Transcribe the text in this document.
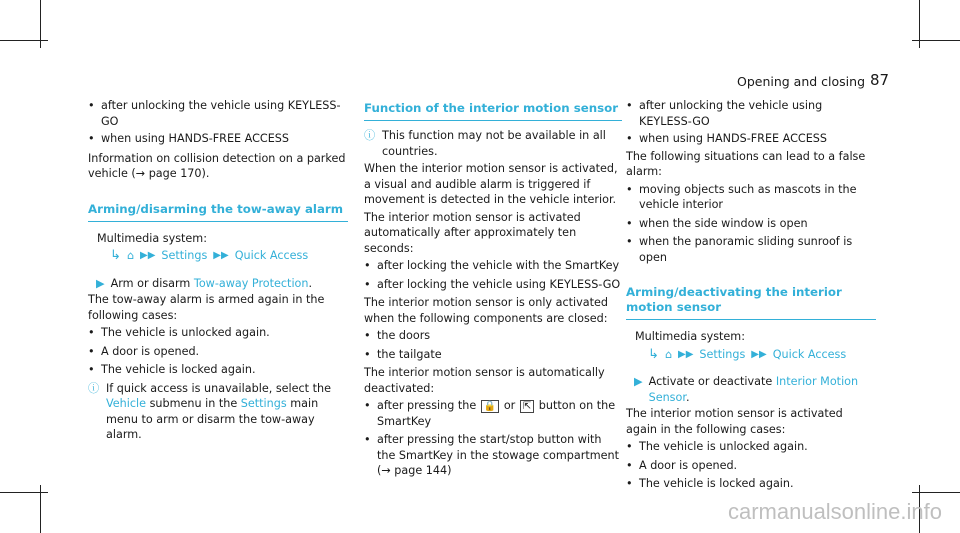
Opening and closing 87

• after unlocking the vehicle using KEYLESS-GO

• when using HANDS-FREE ACCESS

Information on collision detection on a parked vehicle (→ page 170).

Arming/disarming the tow-away alarm

Multimedia system:

↳ ⌂ ▶▶ Settings ▶▶ Quick Access

▶ Arm or disarm Tow-away Protection.

The tow-away alarm is armed again in the following cases:

• The vehicle is unlocked again.

• A door is opened.

• The vehicle is locked again.

ⓘ If quick access is unavailable, select the Vehicle submenu in the Settings main menu to arm or disarm the tow-away alarm.
Function of the interior motion sensor
ⓘ This function may not be available in all countries.

When the interior motion sensor is activated, a visual and audible alarm is triggered if movement is detected in the vehicle interior.

The interior motion sensor is activated automatically after approximately ten seconds:

• after locking the vehicle with the SmartKey

• after locking the vehicle using KEYLESS-GO

The interior motion sensor is only activated when the following components are closed:

• the doors

• the tailgate

The interior motion sensor is automatically deactivated:

• after pressing the 🔒 or ⇱ button on the SmartKey

• after pressing the start/stop button with the SmartKey in the stowage compartment (→ page 144)

• after unlocking the vehicle using KEYLESS-GO

• when using HANDS-FREE ACCESS

The following situations can lead to a false alarm:

• moving objects such as mascots in the vehicle interior

• when the side window is open

• when the panoramic sliding sunroof is open

Arming/deactivating the interior motion sensor

Multimedia system:

↳ ⌂ ▶▶ Settings ▶▶ Quick Access

▶ Activate or deactivate Interior Motion Sensor.

The interior motion sensor is activated again in the following cases:

• The vehicle is unlocked again.

• A door is opened.

• The vehicle is locked again.

carmanualsonline.info
